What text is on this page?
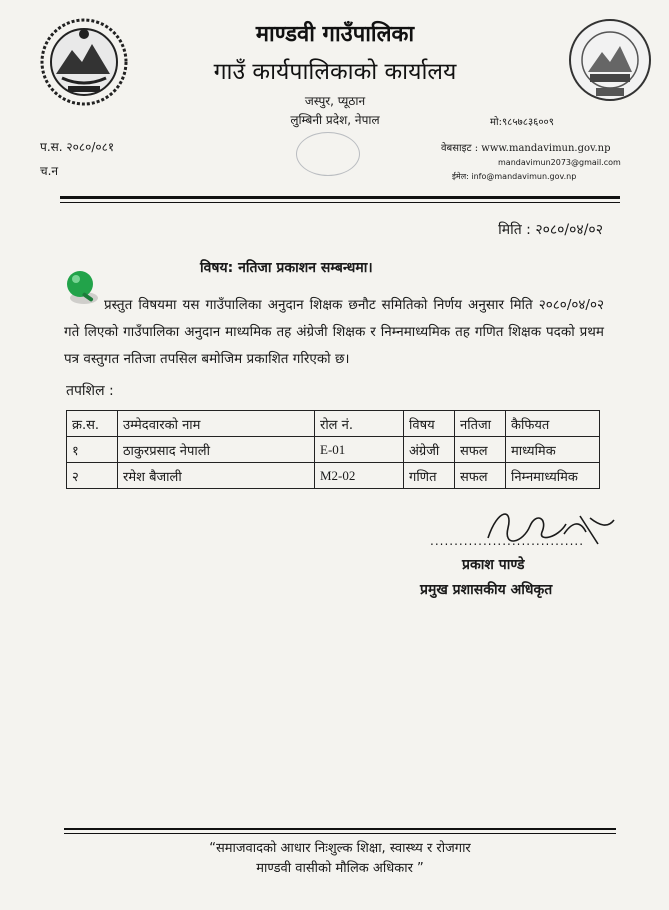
माण्डवी गाउँपालिका
गाउँ कार्यपालिकाको कार्यालय
जस्पुर, प्यूठान
लुम्बिनी प्रदेश, नेपाल
प.स. २०८०/०८१
च.न
मो:९८५७८३६००९
वेबसाइट : www.mandavimun.gov.np
mandavimun2073@gmail.com
ईमेल: info@mandavimun.gov.np
मिति : २०८०/०४/०२
विषय: नतिजा प्रकाशन सम्बन्धमा।
प्रस्तुत विषयमा यस गाउँपालिका अनुदान शिक्षक छनौट समितिको निर्णय अनुसार मिति २०८०/०४/०२ गते लिएको गाउँपालिका अनुदान माध्यमिक तह अंग्रेजी शिक्षक र निम्नमाध्यमिक तह गणित शिक्षक पदको प्रथम पत्र वस्तुगत नतिजा तपसिल बमोजिम प्रकाशित गरिएको छ।
तपशिल :
क्र.स.	उम्मेदवारको नाम	रोल नं.	विषय	नतिजा	कैफियत
१	ठाकुरप्रसाद नेपाली	E-01	अंग्रेजी	सफल	माध्यमिक
२	रमेश बैजाली	M2-02	गणित	सफल	निम्नमाध्यमिक
................................
प्रकाश पाण्डे
प्रमुख प्रशासकीय अधिकृत
“समाजवादको आधार निःशुल्क शिक्षा, स्वास्थ्य र रोजगार
माण्डवी वासीको मौलिक अधिकार ”
